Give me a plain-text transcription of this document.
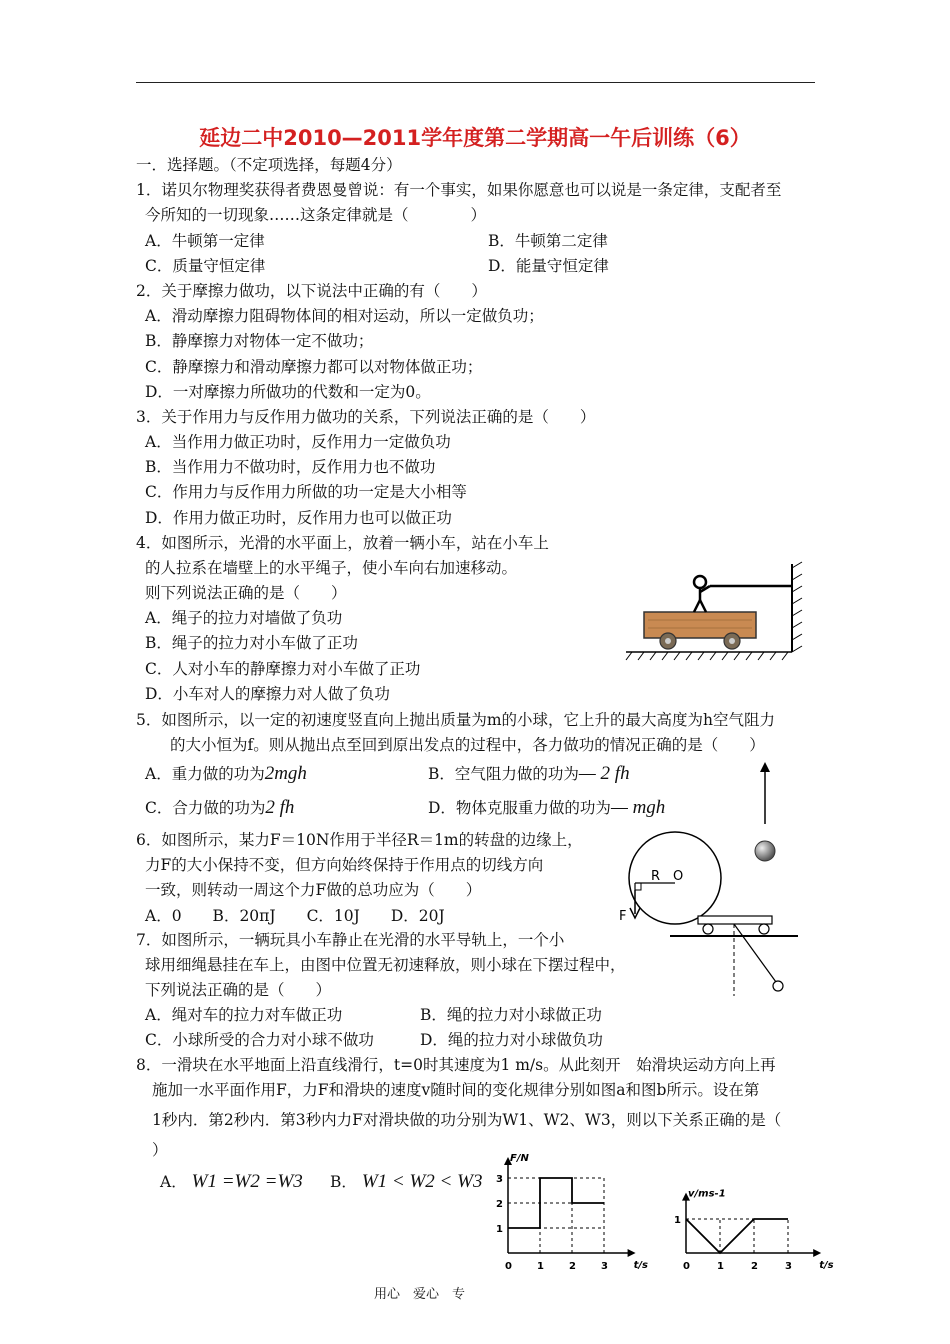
延边二中2010—2011学年度第二学期高一午后训练（6）
一．选择题。（不定项选择，每题4分）
1．诺贝尔物理奖获得者费恩曼曾说：有一个事实，如果你愿意也可以说是一条定律，支配者至
今所知的一切现象……这条定律就是（　　　　）
A．牛顿第一定律	B．牛顿第二定律
C．质量守恒定律	D．能量守恒定律
2．关于摩擦力做功，以下说法中正确的有（　　）
A．滑动摩擦力阻碍物体间的相对运动，所以一定做负功；
B．静摩擦力对物体一定不做功；
C．静摩擦力和滑动摩擦力都可以对物体做正功；
D．一对摩擦力所做功的代数和一定为0。
3．关于作用力与反作用力做功的关系，下列说法正确的是（　　）
A．当作用力做正功时，反作用力一定做负功
B．当作用力不做功时，反作用力也不做功
C．作用力与反作用力所做的功一定是大小相等
D．作用力做正功时，反作用力也可以做正功
4．如图所示，光滑的水平面上，放着一辆小车，站在小车上
的人拉系在墙壁上的水平绳子，使小车向右加速移动。
则下列说法正确的是（　　）
A．绳子的拉力对墙做了负功
B．绳子的拉力对小车做了正功
C．人对小车的静摩擦力对小车做了正功
D．小车对人的摩擦力对人做了负功
5．如图所示，以一定的初速度竖直向上抛出质量为m的小球，它上升的最大高度为h空气阻力
的大小恒为f。则从抛出点至回到原出发点的过程中，各力做功的情况正确的是（　　）
A．重力做的功为2mgh	B．空气阻力做的功为— 2 fh
C．合力做的功为2 fh	D．物体克服重力做的功为— mgh
6．如图所示，某力F＝10N作用于半径R＝1m的转盘的边缘上，
力F的大小保持不变，但方向始终保持于作用点的切线方向
一致，则转动一周这个力F做的总功应为（　　）
A．0　　B．20πJ　　C．10J　　D．20J
R O
F
7．如图所示，一辆玩具小车静止在光滑的水平导轨上，一个小
球用细绳悬挂在车上，由图中位置无初速释放，则小球在下摆过程中，
下列说法正确的是（　　）
A．绳对车的拉力对车做正功	B．绳的拉力对小球做正功
C．小球所受的合力对小球不做功	D．绳的拉力对小球做负功
8．一滑块在水平地面上沿直线滑行，t=0时其速度为1 m/s。从此刻开　始滑块运动方向上再
施加一水平面作用F，力F和滑块的速度v随时间的变化规律分别如图a和图b所示。设在第
1秒内．第2秒内．第3秒内力F对滑块做的功分别为W1、W2、W3，则以下关系正确的是（
）
A． W1 =W2 =W3 B． W1 < W2 < W3
t/s
F/N
0	1	2	3
1
2
3
t/s
v/ms-1
0	1	2	3
1
用心　爱心　专
